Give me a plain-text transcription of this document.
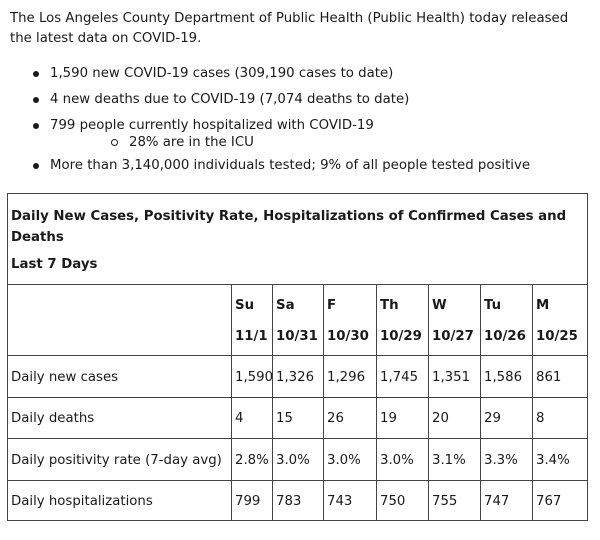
The Los Angeles County Department of Public Health (Public Health) today released the latest data on COVID-19.

1,590 new COVID-19 cases (309,190 cases to date)
4 new deaths due to COVID-19 (7,074 deaths to date)
799 people currently hospitalized with COVID-19
28% are in the ICU
More than 3,140,000 individuals tested; 9% of all people tested positive

Daily New Cases, Positivity Rate, Hospitalizations of Confirmed Cases and Deaths

Last 7 Days

Su Sa F	Th	W	Tu	M
11/1 10/31 10/30 10/29 10/27 10/26 10/25
Daily new cases	1,590 1,326 1,296 1,745 1,351 1,586 861
Daily deaths	4 15	26	19	20	29	8
Daily positivity rate (7-day avg) 2.8% 3.0% 3.0% 3.0% 3.1% 3.3% 3.4%
Daily hospitalizations	799 783 743 750 755 747 767
